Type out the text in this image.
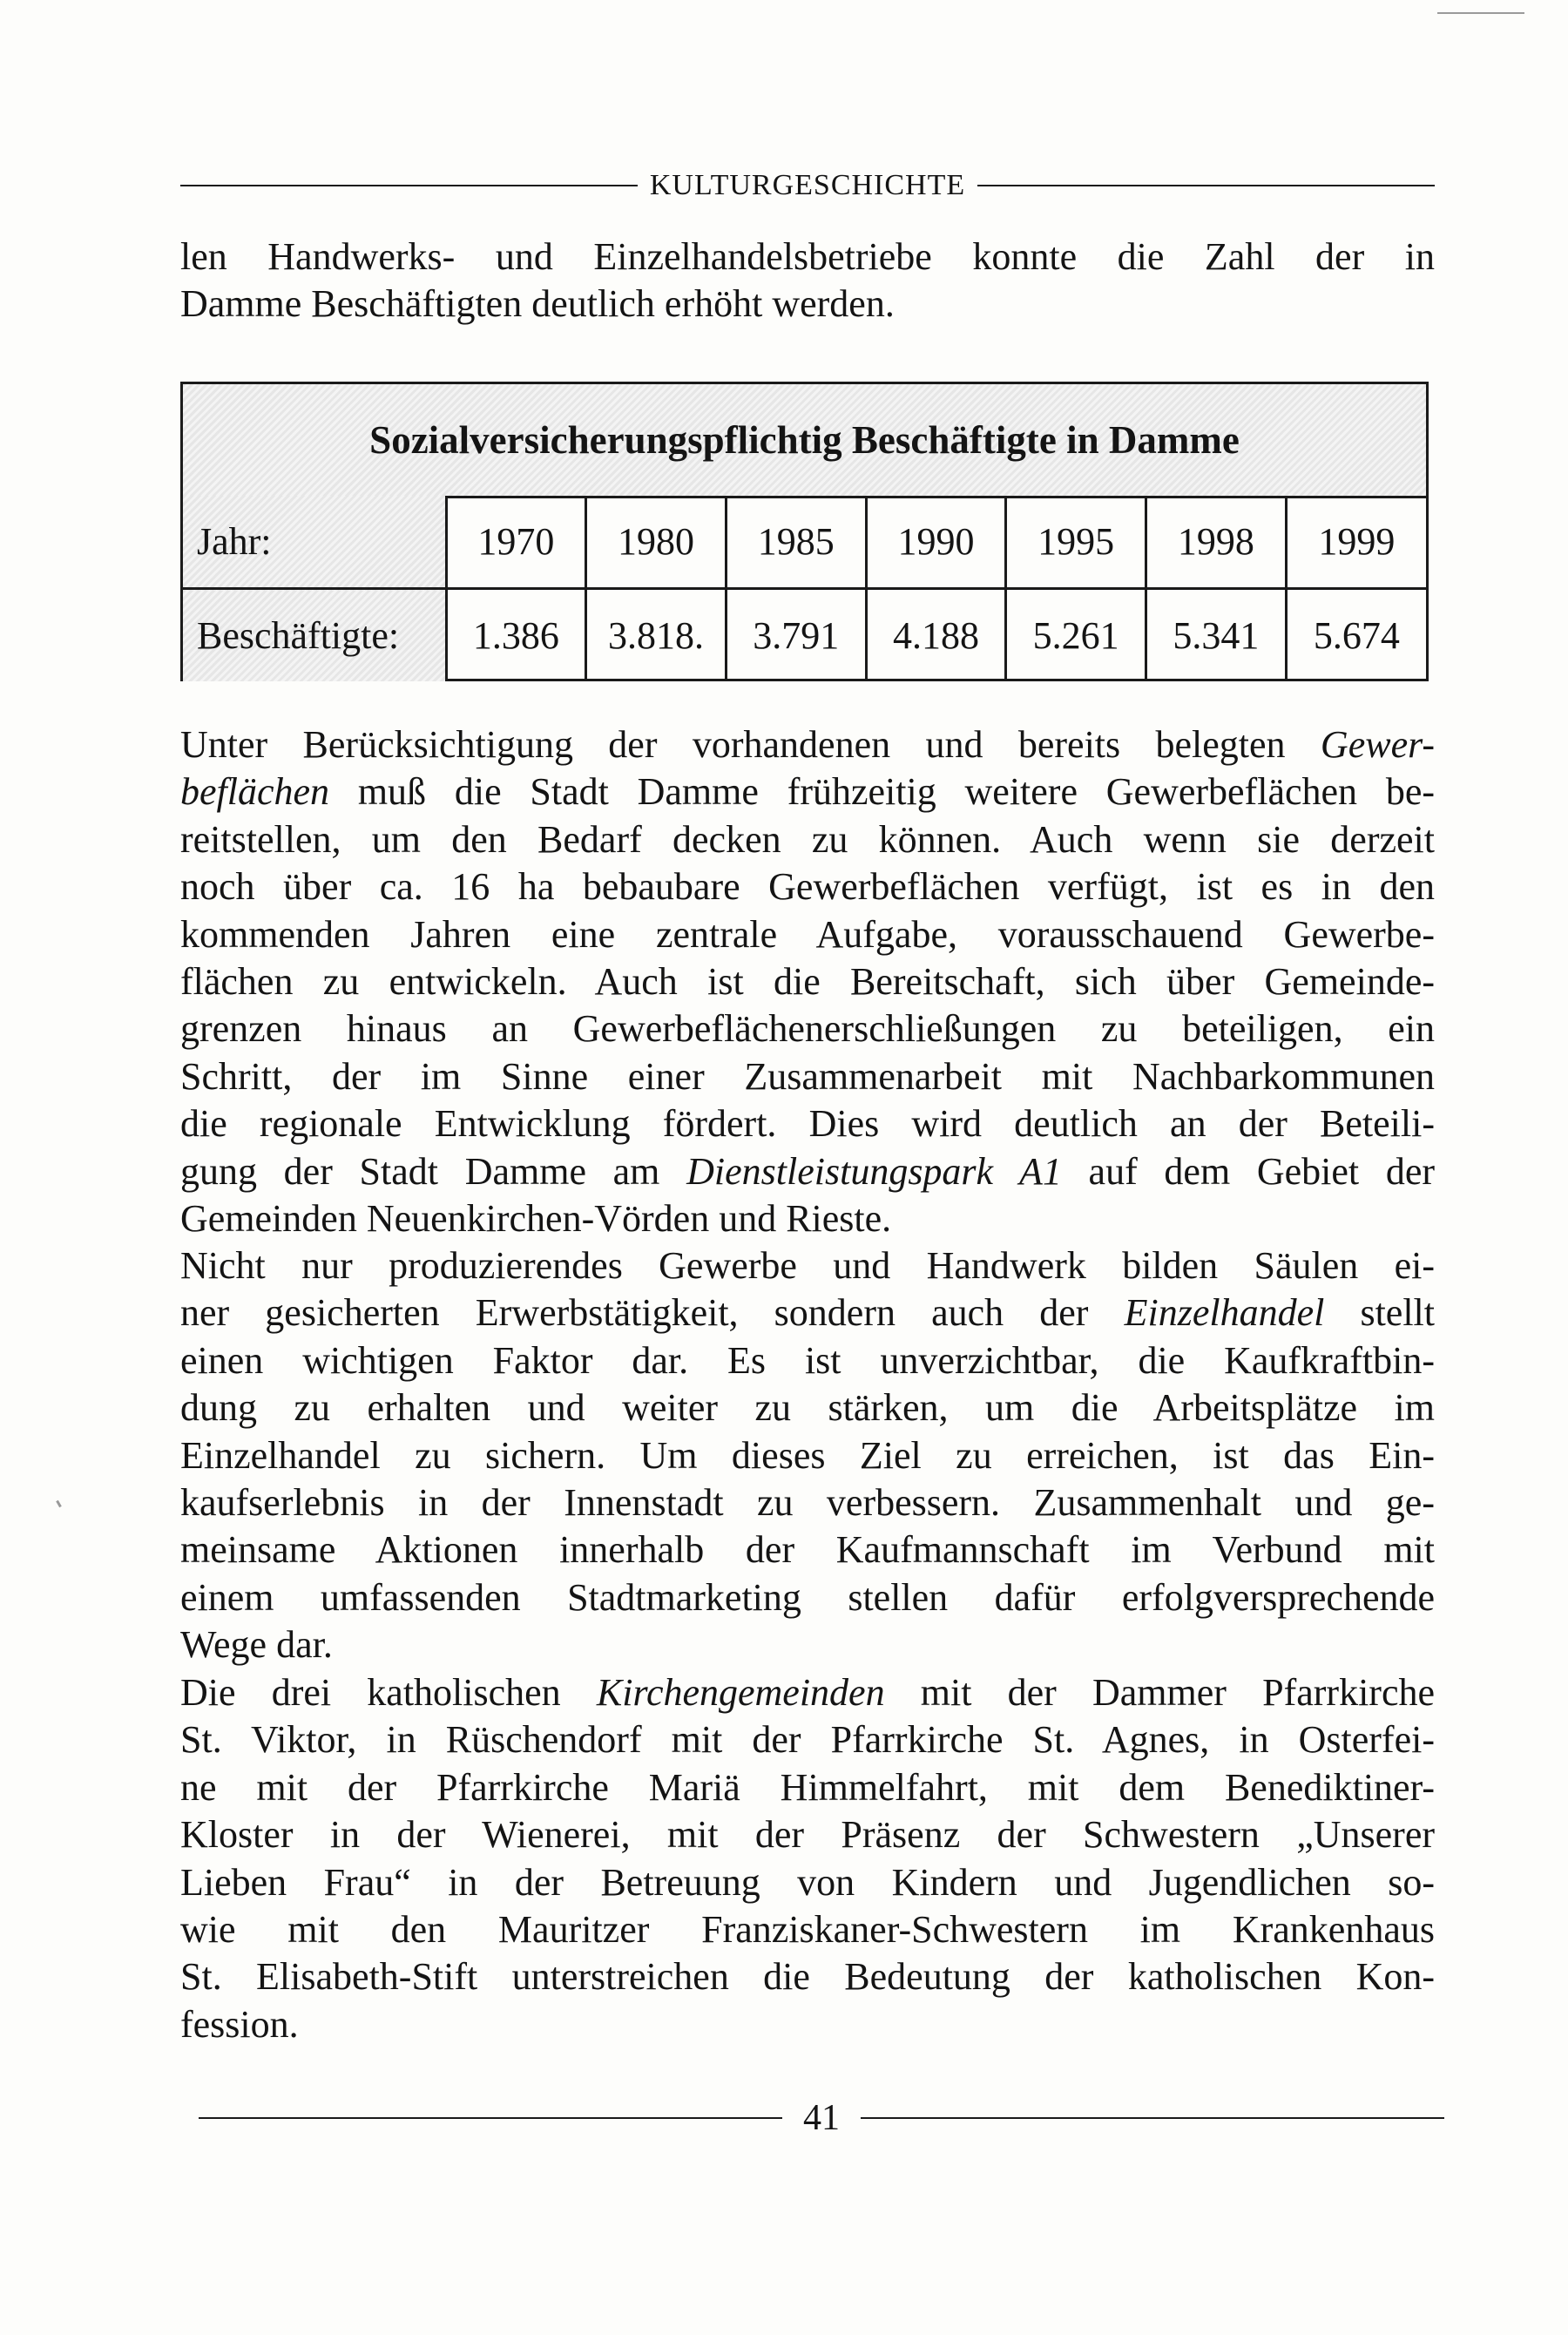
KULTURGESCHICHTE
len Handwerks- und Einzelhandelsbetriebe konnte die Zahl der in
Damme Beschäftigten deutlich erhöht werden.
Sozialversicherungspflichtig Beschäftigte in Damme
Jahr:	1970	1980	1985	1990	1995	1998	1999
Beschäftigte:	1.386	3.818.	3.791	4.188	5.261	5.341	5.674
Unter Berücksichtigung der vorhandenen und bereits belegten Gewer-
beflächen muß die Stadt Damme frühzeitig weitere Gewerbeflächen be-
reitstellen, um den Bedarf decken zu können. Auch wenn sie derzeit
noch über ca. 16 ha bebaubare Gewerbeflächen verfügt, ist es in den
kommenden Jahren eine zentrale Aufgabe, vorausschauend Gewerbe-
flächen zu entwickeln. Auch ist die Bereitschaft, sich über Gemeinde-
grenzen hinaus an Gewerbeflächenerschließungen zu beteiligen, ein
Schritt, der im Sinne einer Zusammenarbeit mit Nachbarkommunen
die regionale Entwicklung fördert. Dies wird deutlich an der Beteili-
gung der Stadt Damme am Dienstleistungspark A1 auf dem Gebiet der
Gemeinden Neuenkirchen-Vörden und Rieste.
Nicht nur produzierendes Gewerbe und Handwerk bilden Säulen ei-
ner gesicherten Erwerbstätigkeit, sondern auch der Einzelhandel stellt
einen wichtigen Faktor dar. Es ist unverzichtbar, die Kaufkraftbin-
dung zu erhalten und weiter zu stärken, um die Arbeitsplätze im
Einzelhandel zu sichern. Um dieses Ziel zu erreichen, ist das Ein-
kaufserlebnis in der Innenstadt zu verbessern. Zusammenhalt und ge-
meinsame Aktionen innerhalb der Kaufmannschaft im Verbund mit
einem umfassenden Stadtmarketing stellen dafür erfolgversprechende
Wege dar.
Die drei katholischen Kirchengemeinden mit der Dammer Pfarrkirche
St. Viktor, in Rüschendorf mit der Pfarrkirche St. Agnes, in Osterfei-
ne mit der Pfarrkirche Mariä Himmelfahrt, mit dem Benediktiner-
Kloster in der Wienerei, mit der Präsenz der Schwestern „Unserer
Lieben Frau“ in der Betreuung von Kindern und Jugendlichen so-
wie mit den Mauritzer Franziskaner-Schwestern im Krankenhaus
St. Elisabeth-Stift unterstreichen die Bedeutung der katholischen Kon-
fession.
41
